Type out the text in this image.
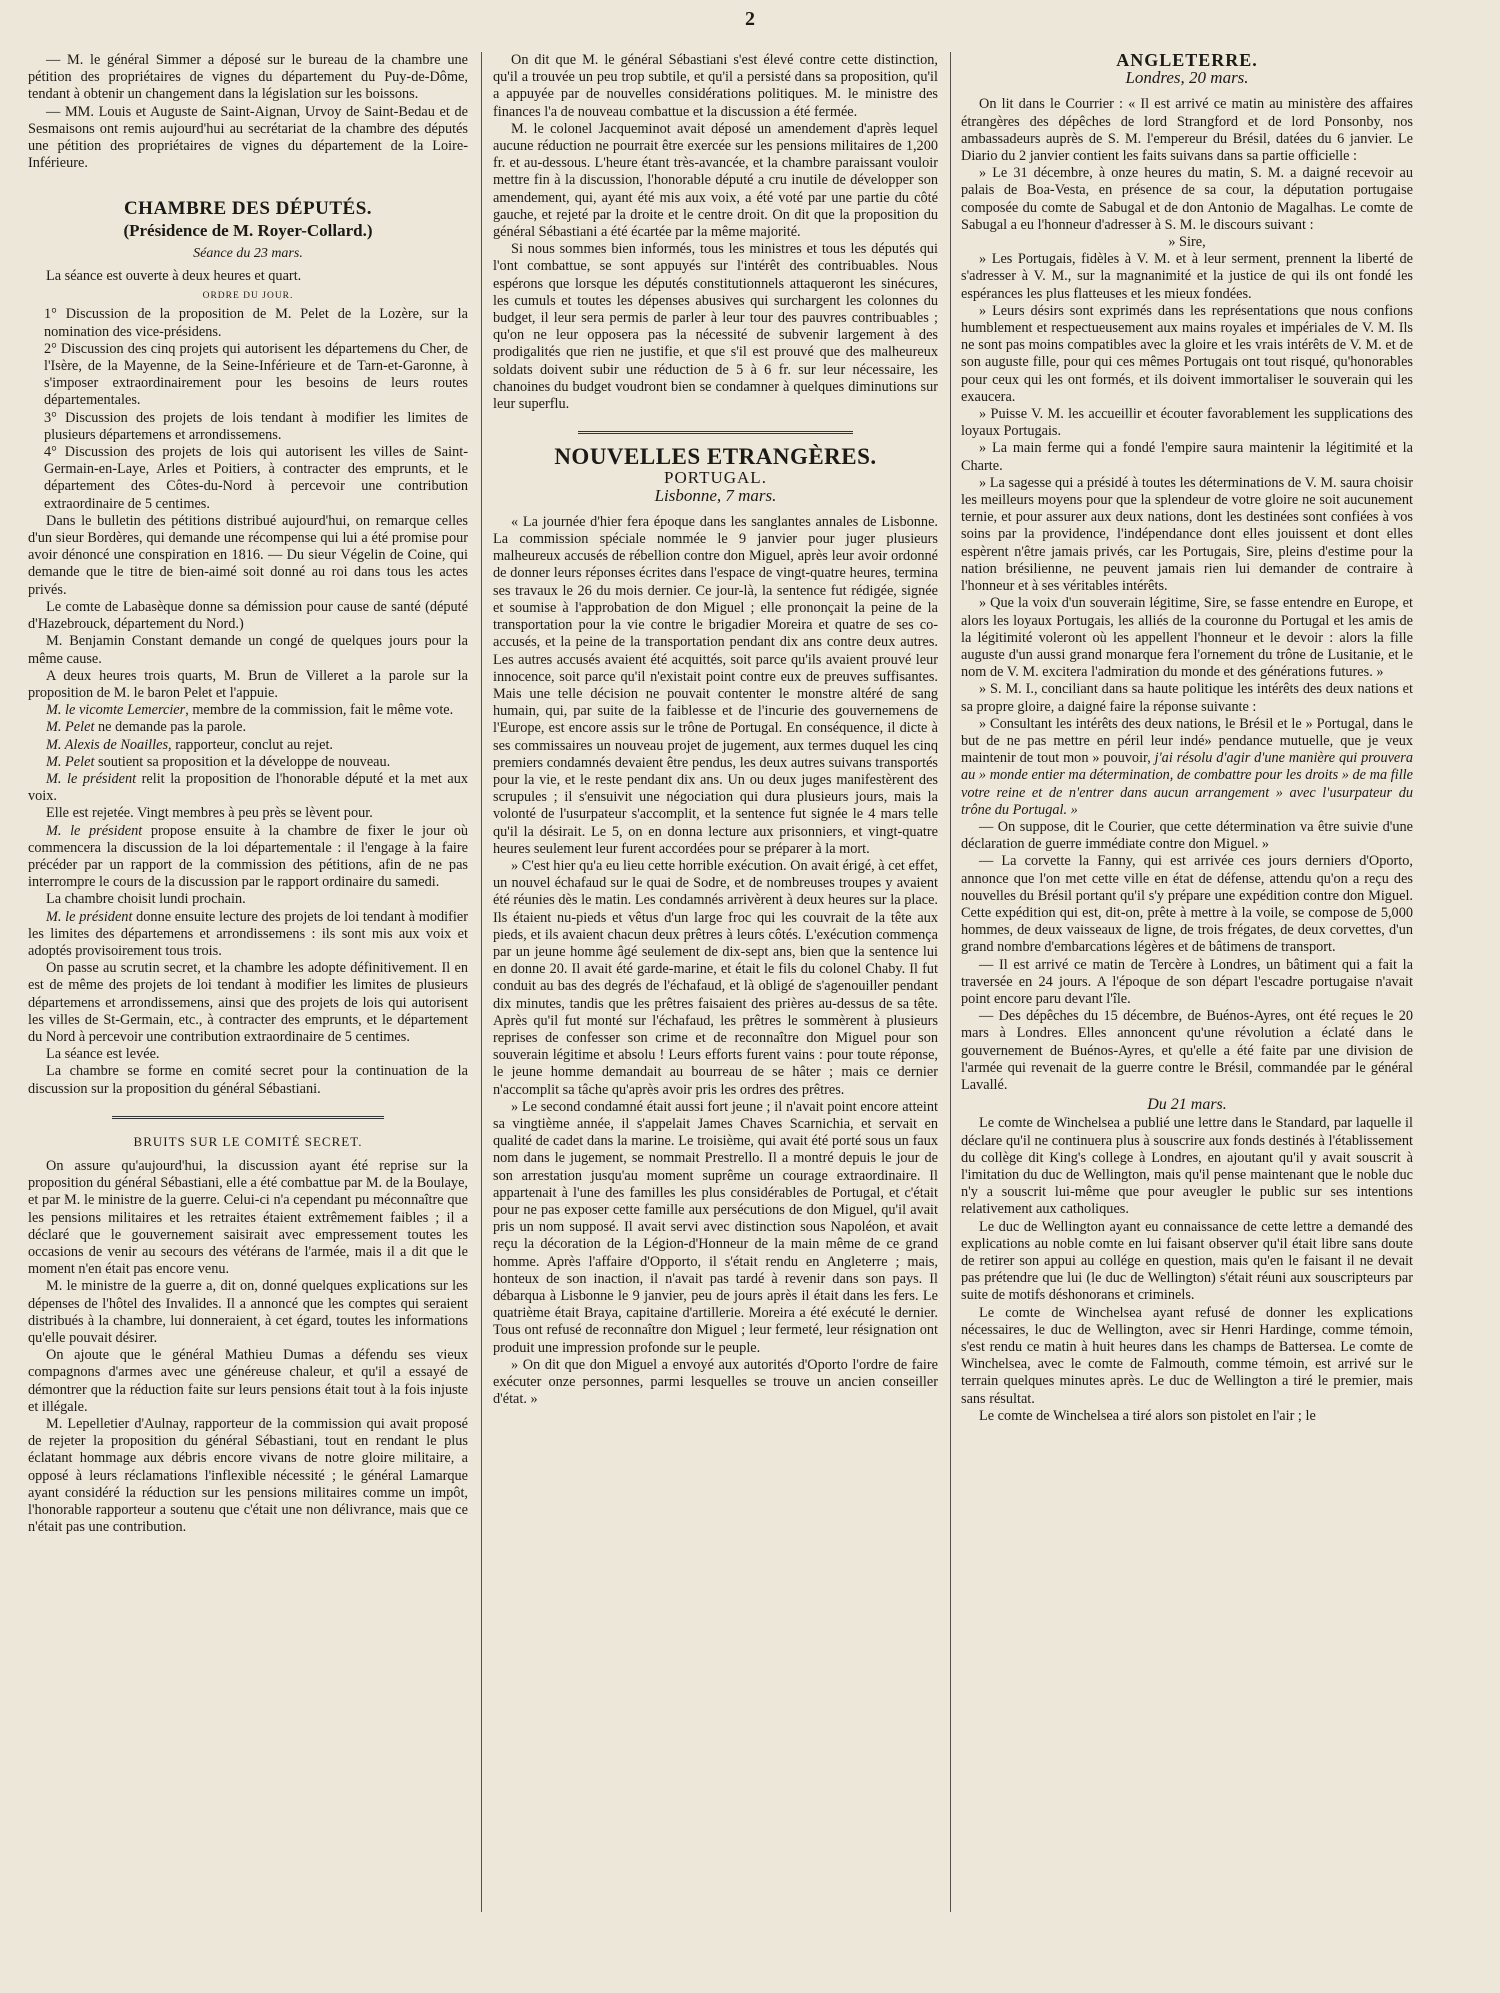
2

— M. le général Simmer a déposé sur le bureau de la chambre une pétition des propriétaires de vignes du département du Puy-de-Dôme, tendant à obtenir un changement dans la législation sur les boissons.

— MM. Louis et Auguste de Saint-Aignan, Urvoy de Saint-Bedau et de Sesmaisons ont remis aujourd'hui au secrétariat de la chambre des députés une pétition des propriétaires de vignes du département de la Loire-Inférieure.

CHAMBRE DES DÉPUTÉS.
(Présidence de M. Royer-Collard.)
Séance du 23 mars.

La séance est ouverte à deux heures et quart.

ORDRE DU JOUR.

1° Discussion de la proposition de M. Pelet de la Lozère, sur la nomination des vice-présidens.

2° Discussion des cinq projets qui autorisent les départemens du Cher, de l'Isère, de la Mayenne, de la Seine-Inférieure et de Tarn-et-Garonne, à s'imposer extraordinairement pour les besoins de leurs routes départementales.

3° Discussion des projets de lois tendant à modifier les limites de plusieurs départemens et arrondissemens.

4° Discussion des projets de lois qui autorisent les villes de Saint-Germain-en-Laye, Arles et Poitiers, à contracter des emprunts, et le département des Côtes-du-Nord à percevoir une contribution extraordinaire de 5 centimes.

Dans le bulletin des pétitions distribué aujourd'hui, on remarque celles d'un sieur Bordères, qui demande une récompense qui lui a été promise pour avoir dénoncé une conspiration en 1816. — Du sieur Végelin de Coine, qui demande que le titre de bien-aimé soit donné au roi dans tous les actes privés.

Le comte de Labasèque donne sa démission pour cause de santé (député d'Hazebrouck, département du Nord.)

M. Benjamin Constant demande un congé de quelques jours pour la même cause.

A deux heures trois quarts, M. Brun de Villeret a la parole sur la proposition de M. le baron Pelet et l'appuie.

M. le vicomte Lemercier, membre de la commission, fait le même vote.

M. Pelet ne demande pas la parole.

M. Alexis de Noailles, rapporteur, conclut au rejet.

M. Pelet soutient sa proposition et la développe de nouveau.

M. le président relit la proposition de l'honorable député et la met aux voix.

Elle est rejetée. Vingt membres à peu près se lèvent pour.

M. le président propose ensuite à la chambre de fixer le jour où commencera la discussion de la loi départementale : il l'engage à la faire précéder par un rapport de la commission des pétitions, afin de ne pas interrompre le cours de la discussion par le rapport ordinaire du samedi.

La chambre choisit lundi prochain.

M. le président donne ensuite lecture des projets de loi tendant à modifier les limites des départemens et arrondissemens : ils sont mis aux voix et adoptés provisoirement tous trois.

On passe au scrutin secret, et la chambre les adopte définitivement. Il en est de même des projets de loi tendant à modifier les limites de plusieurs départemens et arrondissemens, ainsi que des projets de lois qui autorisent les villes de St-Germain, etc., à contracter des emprunts, et le département du Nord à percevoir une contribution extraordinaire de 5 centimes.

La séance est levée.

La chambre se forme en comité secret pour la continuation de la discussion sur la proposition du général Sébastiani.

BRUITS SUR LE COMITÉ SECRET.

On assure qu'aujourd'hui, la discussion ayant été reprise sur la proposition du général Sébastiani, elle a été combattue par M. de la Boulaye, et par M. le ministre de la guerre. Celui-ci n'a cependant pu méconnaître que les pensions militaires et les retraites étaient extrêmement faibles ; il a déclaré que le gouvernement saisirait avec empressement toutes les occasions de venir au secours des vétérans de l'armée, mais il a dit que le moment n'en était pas encore venu.

M. le ministre de la guerre a, dit on, donné quelques explications sur les dépenses de l'hôtel des Invalides. Il a annoncé que les comptes qui seraient distribués à la chambre, lui donneraient, à cet égard, toutes les informations qu'elle pouvait désirer.

On ajoute que le général Mathieu Dumas a défendu ses vieux compagnons d'armes avec une généreuse chaleur, et qu'il a essayé de démontrer que la réduction faite sur leurs pensions était tout à la fois injuste et illégale.

M. Lepelletier d'Aulnay, rapporteur de la commission qui avait proposé de rejeter la proposition du général Sébastiani, tout en rendant le plus éclatant hommage aux débris encore vivans de notre gloire militaire, a opposé à leurs réclamations l'inflexible nécessité ; le général Lamarque ayant considéré la réduction sur les pensions militaires comme un impôt, l'honorable rapporteur a soutenu que c'était une non délivrance, mais que ce n'était pas une contribution.

On dit que M. le général Sébastiani s'est élevé contre cette distinction, qu'il a trouvée un peu trop subtile, et qu'il a persisté dans sa proposition, qu'il a appuyée par de nouvelles considérations politiques. M. le ministre des finances l'a de nouveau combattue et la discussion a été fermée.

M. le colonel Jacqueminot avait déposé un amendement d'après lequel aucune réduction ne pourrait être exercée sur les pensions militaires de 1,200 fr. et au-dessous. L'heure étant très-avancée, et la chambre paraissant vouloir mettre fin à la discussion, l'honorable député a cru inutile de développer son amendement, qui, ayant été mis aux voix, a été voté par une partie du côté gauche, et rejeté par la droite et le centre droit. On dit que la proposition du général Sébastiani a été écartée par la même majorité.

Si nous sommes bien informés, tous les ministres et tous les députés qui l'ont combattue, se sont appuyés sur l'intérêt des contribuables. Nous espérons que lorsque les députés constitutionnels attaqueront les sinécures, les cumuls et toutes les dépenses abusives qui surchargent les colonnes du budget, il leur sera permis de parler à leur tour des pauvres contribuables ; qu'on ne leur opposera pas la nécessité de subvenir largement à des prodigalités que rien ne justifie, et que s'il est prouvé que des malheureux soldats doivent subir une réduction de 5 à 6 fr. sur leur nécessaire, les chanoines du budget voudront bien se condamner à quelques diminutions sur leur superflu.

NOUVELLES ETRANGÈRES.
PORTUGAL.
Lisbonne, 7 mars.

« La journée d'hier fera époque dans les sanglantes annales de Lisbonne. La commission spéciale nommée le 9 janvier pour juger plusieurs malheureux accusés de rébellion contre don Miguel, après leur avoir ordonné de donner leurs réponses écrites dans l'espace de vingt-quatre heures, termina ses travaux le 26 du mois dernier. Ce jour-là, la sentence fut rédigée, signée et soumise à l'approbation de don Miguel ; elle prononçait la peine de la transportation pour la vie contre le brigadier Moreira et quatre de ses co-accusés, et la peine de la transportation pendant dix ans contre deux autres. Les autres accusés avaient été acquittés, soit parce qu'ils avaient prouvé leur innocence, soit parce qu'il n'existait point contre eux de preuves suffisantes. Mais une telle décision ne pouvait contenter le monstre altéré de sang humain, qui, par suite de la faiblesse et de l'incurie des gouvernemens de l'Europe, est encore assis sur le trône de Portugal. En conséquence, il dicte à ses commissaires un nouveau projet de jugement, aux termes duquel les cinq premiers condamnés devaient être pendus, les deux autres suivans transportés pour la vie, et le reste pendant dix ans. Un ou deux juges manifestèrent des scrupules ; il s'ensuivit une négociation qui dura plusieurs jours, mais la volonté de l'usurpateur s'accomplit, et la sentence fut signée le 4 mars telle qu'il la désirait. Le 5, on en donna lecture aux prisonniers, et vingt-quatre heures seulement leur furent accordées pour se préparer à la mort.

» C'est hier qu'a eu lieu cette horrible exécution. On avait érigé, à cet effet, un nouvel échafaud sur le quai de Sodre, et de nombreuses troupes y avaient été réunies dès le matin. Les condamnés arrivèrent à deux heures sur la place. Ils étaient nu-pieds et vêtus d'un large froc qui les couvrait de la tête aux pieds, et ils avaient chacun deux prêtres à leurs côtés. L'exécution commença par un jeune homme âgé seulement de dix-sept ans, bien que la sentence lui en donne 20. Il avait été garde-marine, et était le fils du colonel Chaby. Il fut conduit au bas des degrés de l'échafaud, et là obligé de s'agenouiller pendant dix minutes, tandis que les prêtres faisaient des prières au-dessus de sa tête. Après qu'il fut monté sur l'échafaud, les prêtres le sommèrent à plusieurs reprises de confesser son crime et de reconnaître don Miguel pour son souverain légitime et absolu ! Leurs efforts furent vains : pour toute réponse, le jeune homme demandait au bourreau de se hâter ; mais ce dernier n'accomplit sa tâche qu'après avoir pris les ordres des prêtres.

» Le second condamné était aussi fort jeune ; il n'avait point encore atteint sa vingtième année, il s'appelait James Chaves Scarnichia, et servait en qualité de cadet dans la marine. Le troisième, qui avait été porté sous un faux nom dans le jugement, se nommait Prestrello. Il a montré depuis le jour de son arrestation jusqu'au moment suprême un courage extraordinaire. Il appartenait à l'une des familles les plus considérables de Portugal, et c'était pour ne pas exposer cette famille aux persécutions de don Miguel, qu'il avait pris un nom supposé. Il avait servi avec distinction sous Napoléon, et avait reçu la décoration de la Légion-d'Honneur de la main même de ce grand homme. Après l'affaire d'Opporto, il s'était rendu en Angleterre ; mais, honteux de son inaction, il n'avait pas tardé à revenir dans son pays. Il débarqua à Lisbonne le 9 janvier, peu de jours après il était dans les fers. Le quatrième était Braya, capitaine d'artillerie. Moreira a été exécuté le dernier. Tous ont refusé de reconnaître don Miguel ; leur fermeté, leur résignation ont produit une impression profonde sur le peuple.

» On dit que don Miguel a envoyé aux autorités d'Oporto l'ordre de faire exécuter onze personnes, parmi lesquelles se trouve un ancien conseiller d'état. »

ANGLETERRE.
Londres, 20 mars.

On lit dans le Courrier : « Il est arrivé ce matin au ministère des affaires étrangères des dépêches de lord Strangford et de lord Ponsonby, nos ambassadeurs auprès de S. M. l'empereur du Brésil, datées du 6 janvier. Le Diario du 2 janvier contient les faits suivans dans sa partie officielle :

» Le 31 décembre, à onze heures du matin, S. M. a daigné recevoir au palais de Boa-Vesta, en présence de sa cour, la députation portugaise composée du comte de Sabugal et de don Antonio de Magalhas. Le comte de Sabugal a eu l'honneur d'adresser à S. M. le discours suivant :

» Sire,

» Les Portugais, fidèles à V. M. et à leur serment, prennent la liberté de s'adresser à V. M., sur la magnanimité et la justice de qui ils ont fondé les espérances les plus flatteuses et les mieux fondées.

» Leurs désirs sont exprimés dans les représentations que nous confions humblement et respectueusement aux mains royales et impériales de V. M. Ils ne sont pas moins compatibles avec la gloire et les vrais intérêts de V. M. et de son auguste fille, pour qui ces mêmes Portugais ont tout risqué, qu'honorables pour ceux qui les ont formés, et ils doivent immortaliser le souverain qui les exaucera.

» Puisse V. M. les accueillir et écouter favorablement les supplications des loyaux Portugais.

» La main ferme qui a fondé l'empire saura maintenir la légitimité et la Charte.

» La sagesse qui a présidé à toutes les déterminations de V. M. saura choisir les meilleurs moyens pour que la splendeur de votre gloire ne soit aucunement ternie, et pour assurer aux deux nations, dont les destinées sont confiées à vos soins par la providence, l'indépendance dont elles jouissent et dont elles espèrent n'être jamais privés, car les Portugais, Sire, pleins d'estime pour la nation brésilienne, ne peuvent jamais rien lui demander de contraire à l'honneur et à ses véritables intérêts.

» Que la voix d'un souverain légitime, Sire, se fasse entendre en Europe, et alors les loyaux Portugais, les alliés de la couronne du Portugal et les amis de la légitimité voleront où les appellent l'honneur et le devoir : alors la fille auguste d'un aussi grand monarque fera l'ornement du trône de Lusitanie, et le nom de V. M. excitera l'admiration du monde et des générations futures. »

» S. M. I., conciliant dans sa haute politique les intérêts des deux nations et sa propre gloire, a daigné faire la réponse suivante :

» Consultant les intérêts des deux nations, le Brésil et le » Portugal, dans le but de ne pas mettre en péril leur indé» pendance mutuelle, que je veux maintenir de tout mon » pouvoir, j'ai résolu d'agir d'une manière qui prouvera au » monde entier ma détermination, de combattre pour les droits » de ma fille votre reine et de n'entrer dans aucun arrangement » avec l'usurpateur du trône du Portugal. »

— On suppose, dit le Courier, que cette détermination va être suivie d'une déclaration de guerre immédiate contre don Miguel. »

— La corvette la Fanny, qui est arrivée ces jours derniers d'Oporto, annonce que l'on met cette ville en état de défense, attendu qu'on a reçu des nouvelles du Brésil portant qu'il s'y prépare une expédition contre don Miguel. Cette expédition qui est, dit-on, prête à mettre à la voile, se compose de 5,000 hommes, de deux vaisseaux de ligne, de trois frégates, de deux corvettes, d'un grand nombre d'embarcations légères et de bâtimens de transport.

— Il est arrivé ce matin de Tercère à Londres, un bâtiment qui a fait la traversée en 24 jours. A l'époque de son départ l'escadre portugaise n'avait point encore paru devant l'île.

— Des dépêches du 15 décembre, de Buénos-Ayres, ont été reçues le 20 mars à Londres. Elles annoncent qu'une révolution a éclaté dans le gouvernement de Buénos-Ayres, et qu'elle a été faite par une division de l'armée qui revenait de la guerre contre le Brésil, commandée par le général Lavallé.

Du 21 mars.

Le comte de Winchelsea a publié une lettre dans le Standard, par laquelle il déclare qu'il ne continuera plus à souscrire aux fonds destinés à l'établissement du collège dit King's college à Londres, en ajoutant qu'il y avait souscrit à l'imitation du duc de Wellington, mais qu'il pense maintenant que le noble duc n'y a souscrit lui-même que pour aveugler le public sur ses intentions relativement aux catholiques.

Le duc de Wellington ayant eu connaissance de cette lettre a demandé des explications au noble comte en lui faisant observer qu'il était libre sans doute de retirer son appui au collége en question, mais qu'en le faisant il ne devait pas prétendre que lui (le duc de Wellington) s'était réuni aux souscripteurs par suite de motifs déshonorans et criminels.

Le comte de Winchelsea ayant refusé de donner les explications nécessaires, le duc de Wellington, avec sir Henri Hardinge, comme témoin, s'est rendu ce matin à huit heures dans les champs de Battersea. Le comte de Winchelsea, avec le comte de Falmouth, comme témoin, est arrivé sur le terrain quelques minutes après. Le duc de Wellington a tiré le premier, mais sans résultat.

Le comte de Winchelsea a tiré alors son pistolet en l'air ; le
